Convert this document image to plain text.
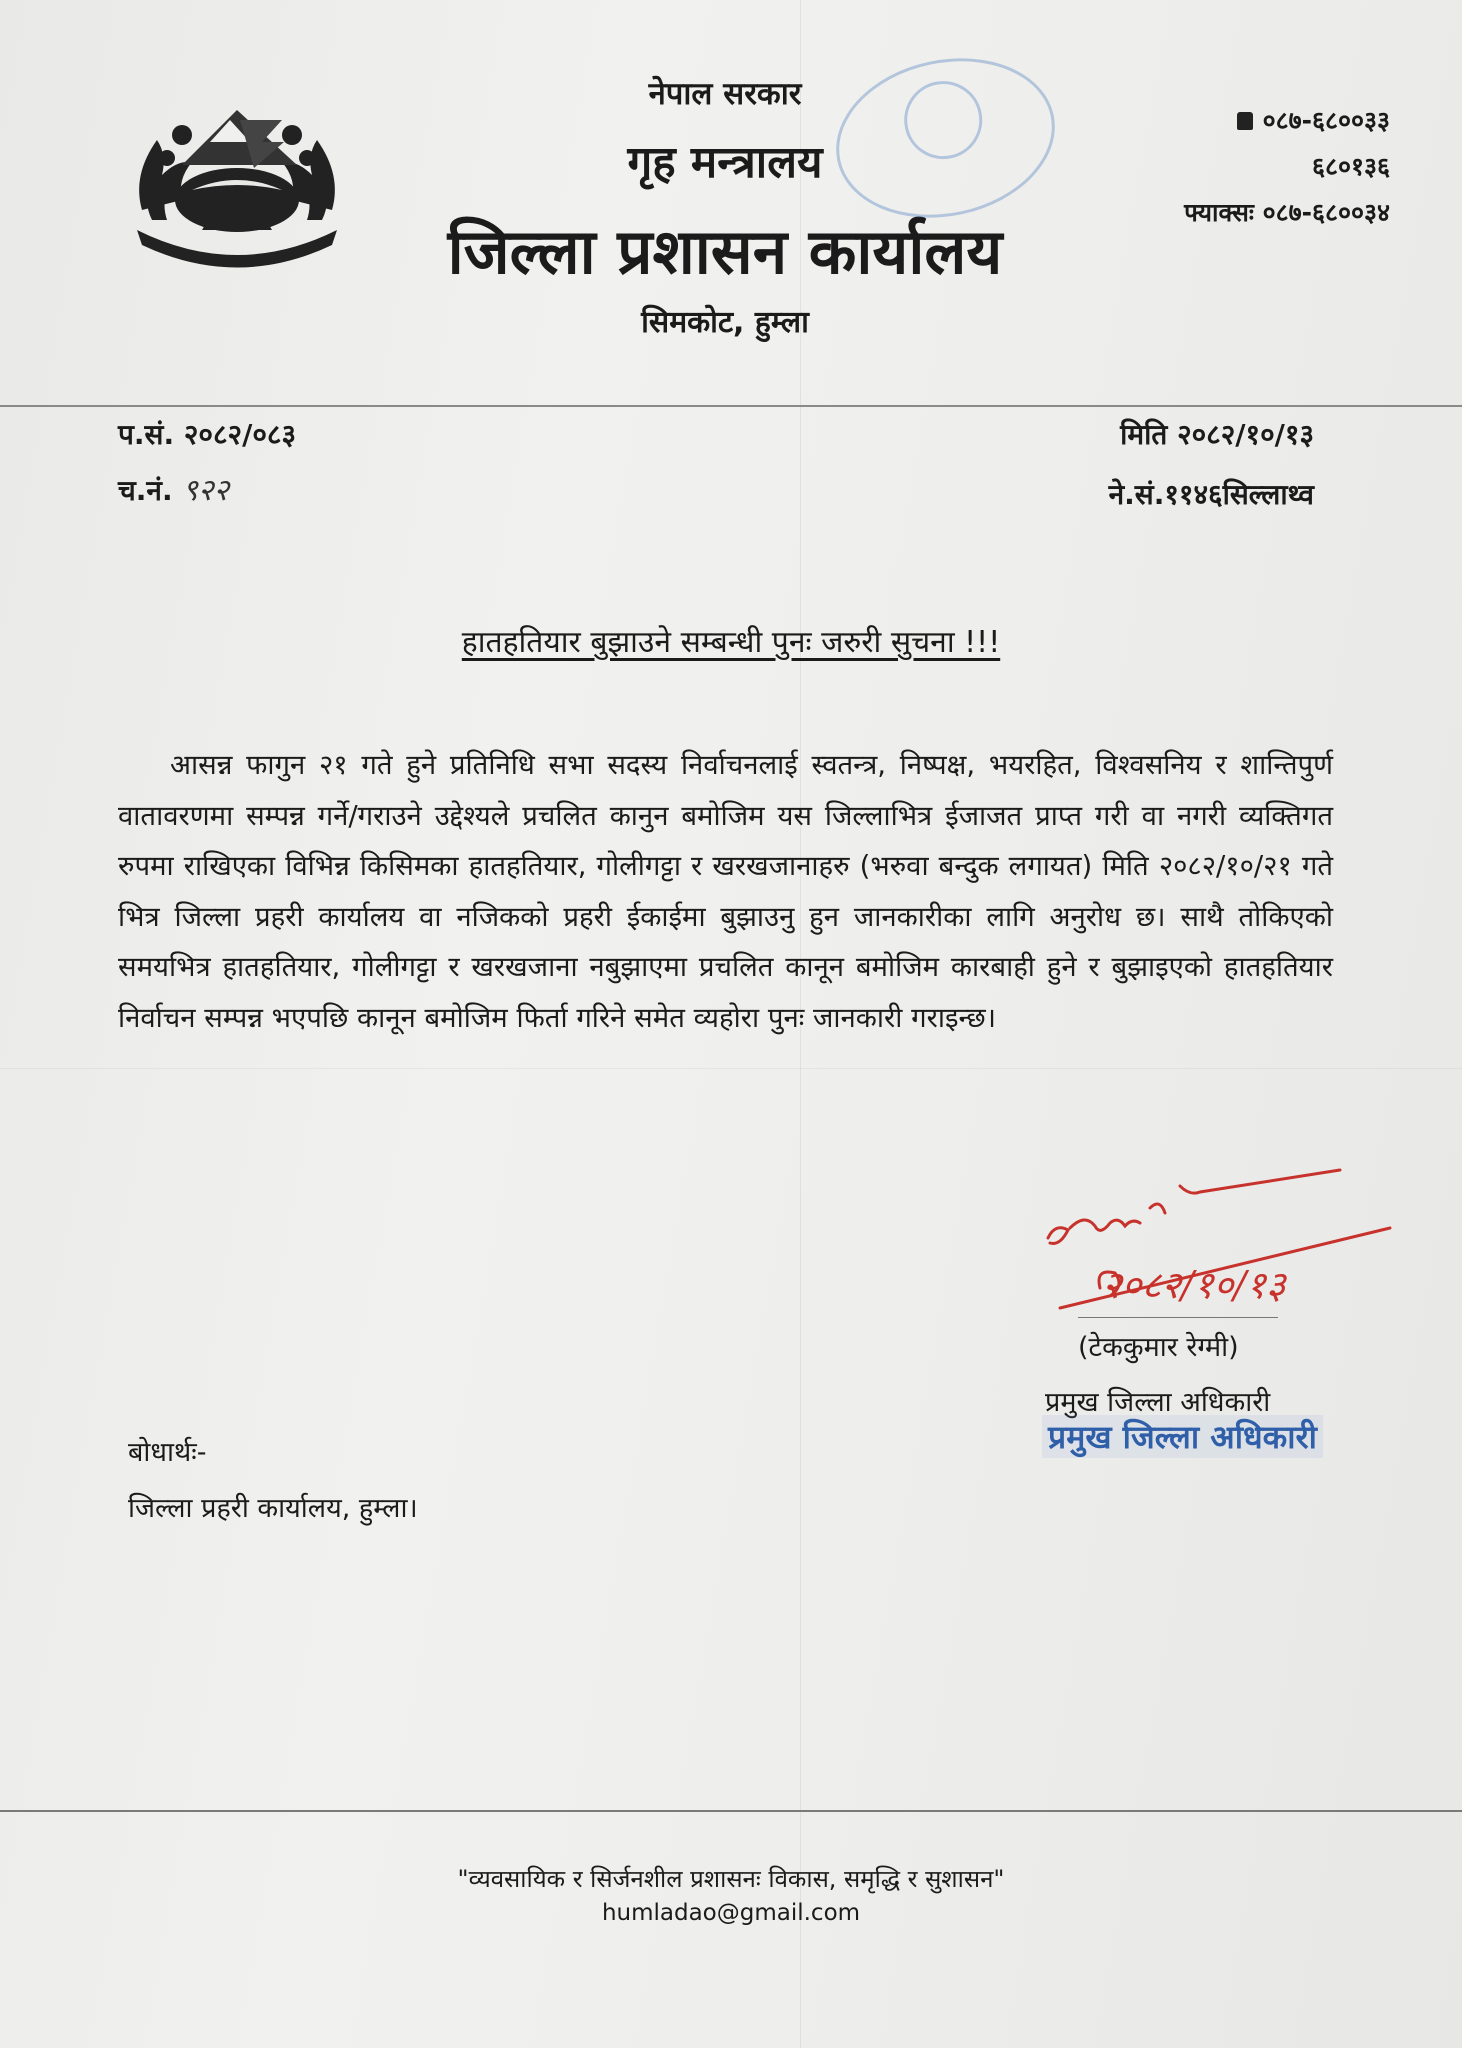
नेपाल सरकार
गृह मन्त्रालय
जिल्ला प्रशासन कार्यालय
सिमकोट, हुम्ला
०८७-६८००३३
६८०१३६
फ्याक्सः ०८७-६८००३४
प.सं. २०८२/०८३
च.नं. ९२२
मिति २०८२/१०/१३
ने.सं.११४६सिल्लाथ्व
हातहतियार बुझाउने सम्बन्धी पुनः जरुरी सुचना !!!
आसन्न फागुन २१ गते हुने प्रतिनिधि सभा सदस्य निर्वाचनलाई स्वतन्त्र, निष्पक्ष, भयरहित, विश्वसनिय र शान्तिपुर्ण वातावरणमा सम्पन्न गर्ने/गराउने उद्देश्यले प्रचलित कानुन बमोजिम यस जिल्लाभित्र ईजाजत प्राप्त गरी वा नगरी व्यक्तिगत रुपमा राखिएका विभिन्न किसिमका हातहतियार, गोलीगट्टा र खरखजानाहरु (भरुवा बन्दुक लगायत) मिति २०८२/१०/२१ गते भित्र जिल्ला प्रहरी कार्यालय वा नजिकको प्रहरी ईकाईमा बुझाउनु हुन जानकारीका लागि अनुरोध छ। साथै तोकिएको समयभित्र हातहतियार, गोलीगट्टा र खरखजाना नबुझाएमा प्रचलित कानून बमोजिम कारबाही हुने र बुझाइएको हातहतियार निर्वाचन सम्पन्न भएपछि कानून बमोजिम फिर्ता गरिने समेत व्यहोरा पुनः जानकारी गराइन्छ।
२०८२/१०/१३
(टेककुमार रेग्मी)
प्रमुख जिल्ला अधिकारी
प्रमुख जिल्ला अधिकारी
बोधार्थः-
जिल्ला प्रहरी कार्यालय, हुम्ला।
"व्यवसायिक र सिर्जनशील प्रशासनः विकास, समृद्धि र सुशासन"
humladao@gmail.com
